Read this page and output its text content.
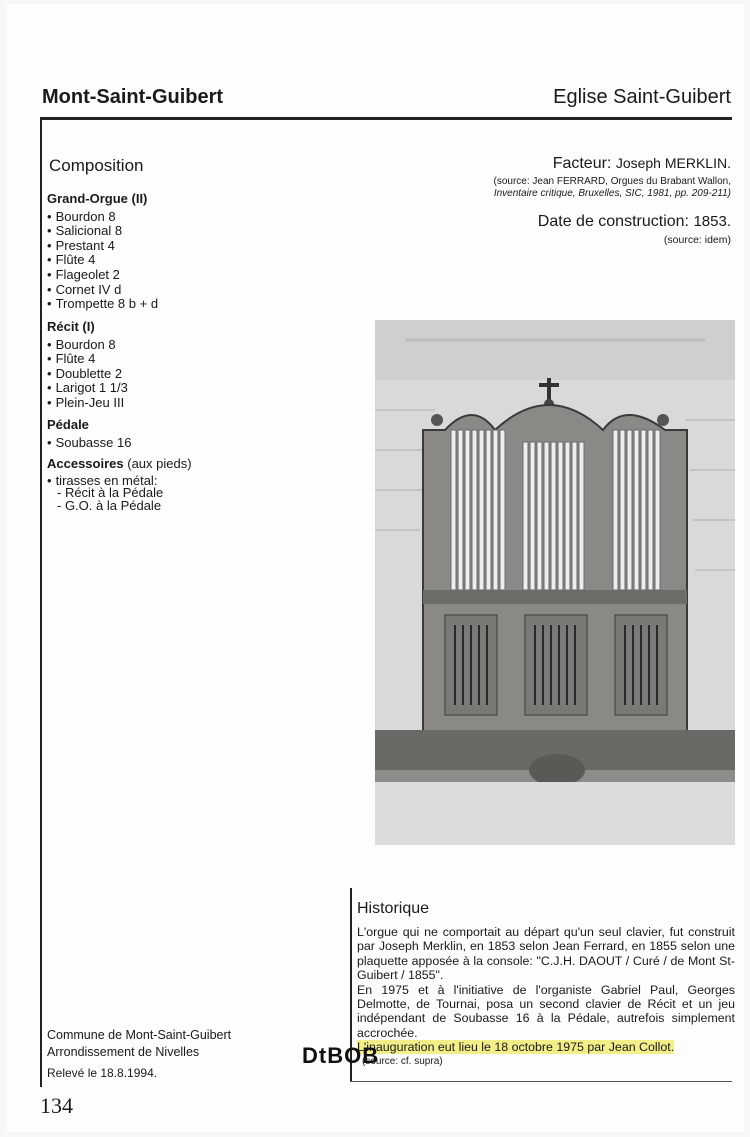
Mont-Saint-Guibert	Eglise Saint-Guibert
Composition
Grand-Orgue (II)
• Bourdon 8
• Salicional 8
• Prestant 4
• Flûte 4
• Flageolet 2
• Cornet IV d
• Trompette 8 b + d
Récit (I)
• Bourdon 8
• Flûte 4
• Doublette 2
• Larigot 1 1/3
• Plein-Jeu III
Pédale
• Soubasse 16
Accessoires (aux pieds)
• tirasses en métal:
- Récit à la Pédale
- G.O. à la Pédale
Facteur: Joseph MERKLIN.
(source: Jean FERRARD, Orgues du Brabant Wallon,
Inventaire critique, Bruxelles, SIC, 1981, pp. 209-211)
Date de construction: 1853.
(source: idem)
Historique

L'orgue qui ne comportait au départ qu'un seul clavier, fut construit par Joseph Merklin, en 1853 selon Jean Ferrard, en 1855 selon une plaquette apposée à la console: "C.J.H. DAOUT / Curé / de Mont St-Guibert / 1855".

En 1975 et à l'initiative de l'organiste Gabriel Paul, Georges Delmotte, de Tournai, posa un second clavier de Récit et un jeu indépendant de Soubasse 16 à la Pédale, autrefois simplement accrochée.

L'inauguration eut lieu le 18 octobre 1975 par Jean Collot.

(source: cf. supra)
Commune de Mont-Saint-Guibert
Arrondissement de Nivelles
Relevé le 18.8.1994.
DtBOB
134
